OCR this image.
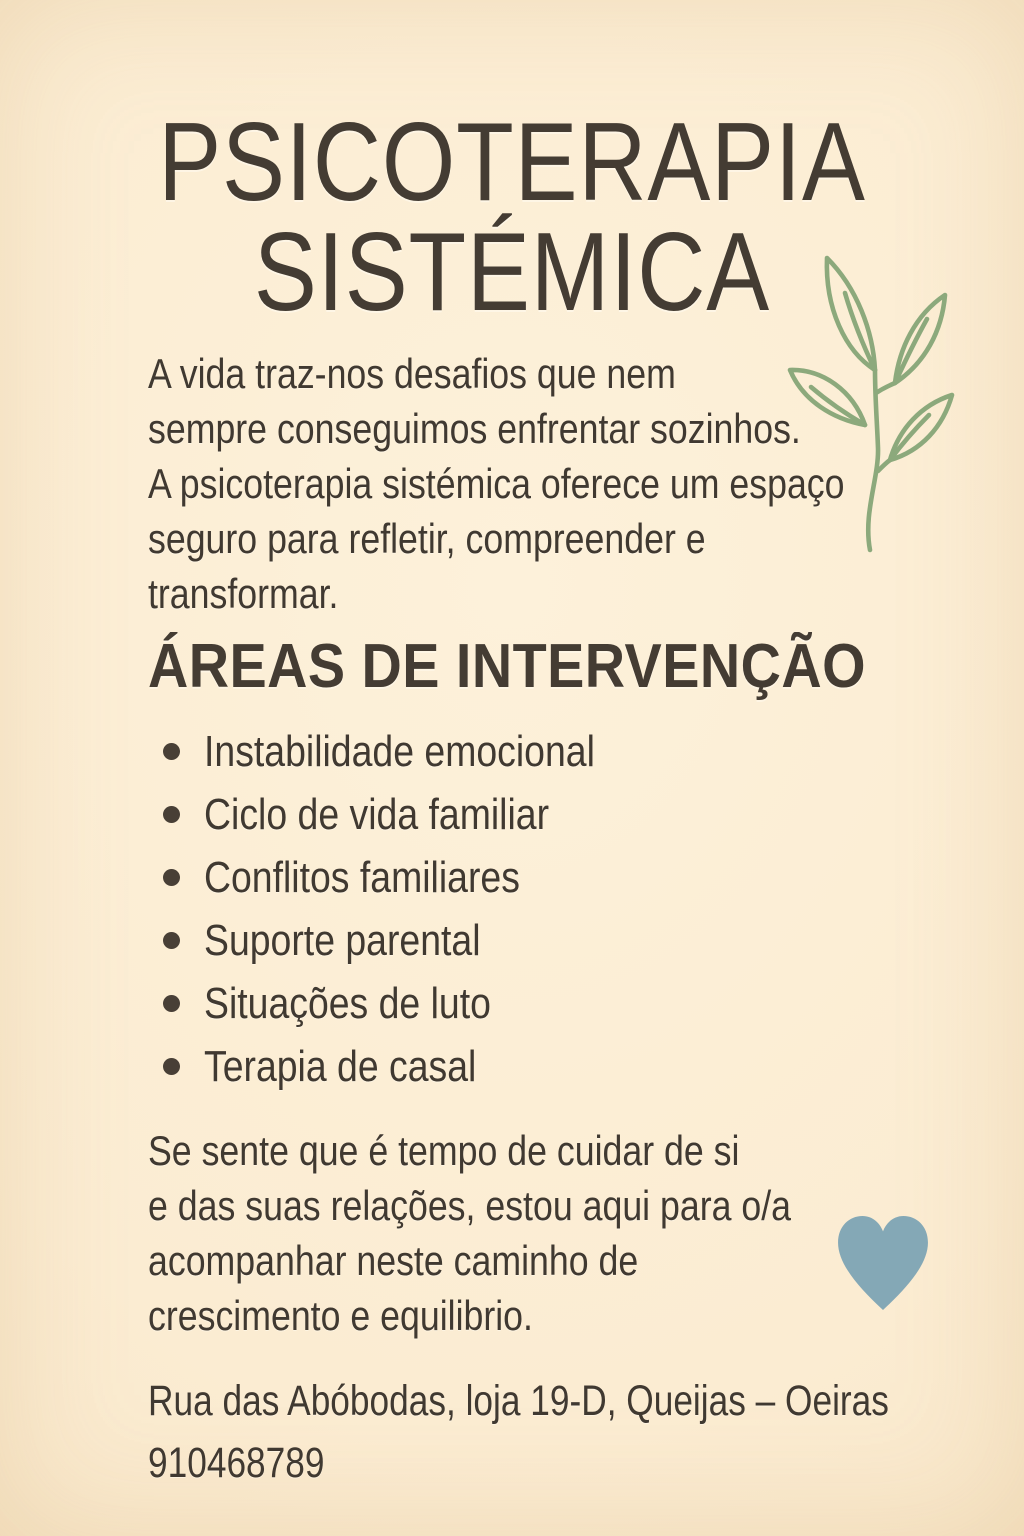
PSICOTERAPIA
SISTÉMICA
A vida traz-nos desafios que nem
sempre conseguimos enfrentar sozinhos.
A psicoterapia sistémica oferece um espaço
seguro para refletir, compreender e
transformar.
ÁREAS DE INTERVENÇÃO
Instabilidade emocional
Ciclo de vida familiar
Conflitos familiares
Suporte parental
Situações de luto
Terapia de casal
Se sente que é tempo de cuidar de si
e das suas relações, estou aqui para o/a
acompanhar neste caminho de
crescimento e equilibrio.
Rua das Abóbodas, loja 19-D, Queijas – Oeiras
910468789
